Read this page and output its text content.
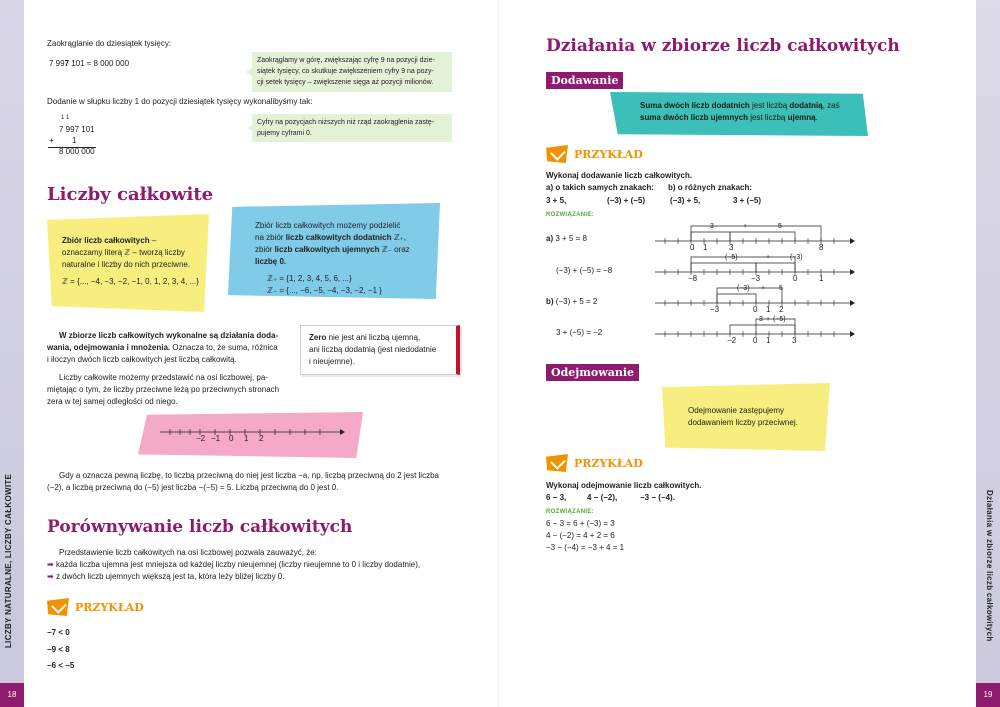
LICZBY NATURALNE, LICZBY CAŁKOWITE
18
Działania w zbiorze liczb całkowitych
19
Zaokrąglanie do dziesiątek tysięcy:
7 997 101 ≈ 8 000 000	Zaokrąglamy w górę, zwiększając cyfrę 9 na pozycji dzie-
siątek tysięcy, co skutkuje zwiększeniem cyfry 9 na pozy-
cji setek tysięcy – zwiększenie sięga aż pozycji milionów.
Dodanie w słupku liczby 1 do pozycji dziesiątek tysięcy wykonalibyśmy tak:
1 1
7 997 101
+ 1
8 000 000
Cyfry na pozycjach niższych niż rząd zaokrąglenia zastę-
pujemy cyframi 0.
Liczby całkowite
Zbiór liczb całkowitych –
oznaczamy literą ℤ – tworzą liczby
naturalne i liczby do nich przeciwne.
ℤ = {..., −4, −3, −2, −1, 0, 1, 2, 3, 4, ...}
Zbiór liczb całkowitych możemy podzielić
na zbiór liczb całkowitych dodatnich ℤ₊,
zbiór liczb całkowitych ujemnych ℤ₋ oraz
liczbę 0.
ℤ₊ = {1, 2, 3, 4, 5, 6, ...}
ℤ₋ = {..., −6, −5, −4, −3, −2, −1 }
W zbiorze liczb całkowitych wykonalne są działania doda-
wania, odejmowania i mnożenia. Oznacza to, że suma, różnica
i iloczyn dwóch liczb całkowitych jest liczbą całkowitą.
Liczby całkowite możemy przedstawić na osi liczbowej, pa-
miętając o tym, że liczby przeciwne leżą po przeciwnych stronach
zera w tej samej odległości od niego.
Zero nie jest ani liczbą ujemną,
ani liczbą dodatnią (jest niedodatnie
i nieujemne).
−2 −1 0 1 2
Gdy a oznacza pewną liczbę, to liczbą przeciwną do niej jest liczba −a, np. liczbą przeciwną do 2 jest liczba
(−2), a liczbą przeciwną do (−5) jest liczba −(−5) = 5. Liczbą przeciwną do 0 jest 0.
Porównywanie liczb całkowitych
Przedstawienie liczb całkowitych na osi liczbowej pozwala zauważyć, że:
➡ każda liczba ujemna jest mniejsza od każdej liczby nieujemnej (liczby nieujemne to 0 i liczby dodatnie),
➡ z dwóch liczb ujemnych większą jest ta, która leży bliżej liczby 0.
PRZYKŁAD
−7 < 0
−9 < 8
−6 < −5
Działania w zbiorze liczb całkowitych
Dodawanie
Suma dwóch liczb dodatnich jest liczbą dodatnią, zaś
suma dwóch liczb ujemnych jest liczbą ujemną.
PRZYKŁAD
Wykonaj dodawanie liczb całkowitych.
a) o takich samych znakach: b) o różnych znakach:
3 + 5,	(−3) + (−5)	(−3) + 5,	3 + (−5)
ROZWIĄZANIE:
a) 3 + 5 = 8
(−3) + (−5) = −8
b) (−3) + 5 = 2
3 + (−5) = −2
3	+	5
0 1	3	8
(−5)	+	(−3)
−8	−3	0	1
(−3) + 5
−3	0 1 2
3 + (−5)
−2 0 1	3
Odejmowanie
Odejmowanie zastępujemy
dodawaniem liczby przeciwnej.
PRZYKŁAD
Wykonaj odejmowanie liczb całkowitych.
6 − 3,	4 − (−2),	−3 − (−4).
ROZWIĄZANIE:
6 − 3 = 6 + (−3) = 3
4 − (−2) = 4 + 2 = 6
−3 − (−4) = −3 + 4 = 1
